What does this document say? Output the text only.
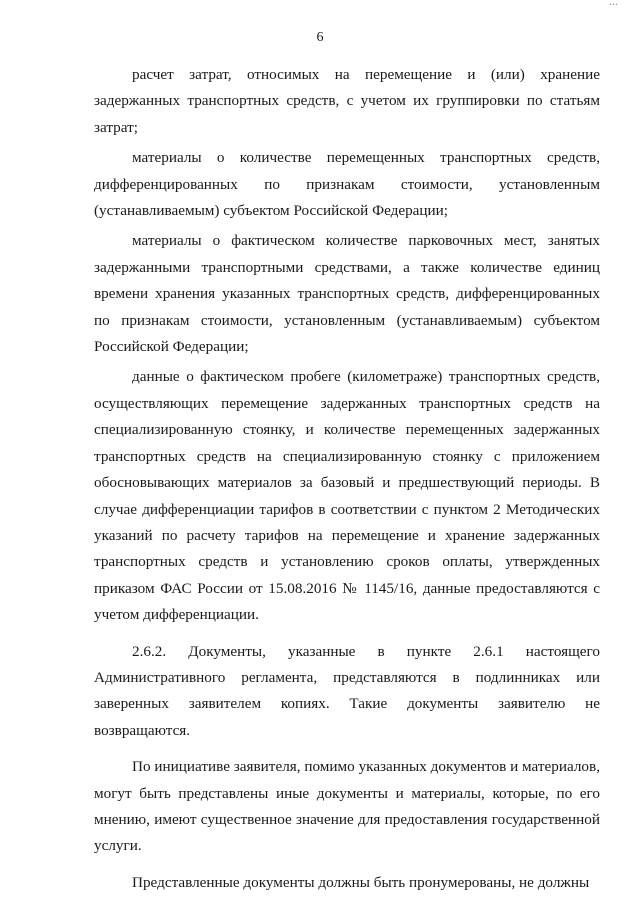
...
6

расчет затрат, относимых на перемещение и (или) хранение задержанных транспортных средств, с учетом их группировки по статьям затрат;

материалы о количестве перемещенных транспортных средств, дифференцированных по признакам стоимости, установленным (устанавливаемым) субъектом Российской Федерации;

материалы о фактическом количестве парковочных мест, занятых задержанными транспортными средствами, а также количестве единиц времени хранения указанных транспортных средств, дифференцированных по признакам стоимости, установленным (устанавливаемым) субъектом Российской Федерации;

данные о фактическом пробеге (километраже) транспортных средств, осуществляющих перемещение задержанных транспортных средств на специализированную стоянку, и количестве перемещенных задержанных транспортных средств на специализированную стоянку с приложением обосновывающих материалов за базовый и предшествующий периоды. В случае дифференциации тарифов в соответствии с пунктом 2 Методических указаний по расчету тарифов на перемещение и хранение задержанных транспортных средств и установлению сроков оплаты, утвержденных приказом ФАС России от 15.08.2016 № 1145/16, данные предоставляются с учетом дифференциации.

2.6.2. Документы, указанные в пункте 2.6.1 настоящего Административного регламента, представляются в подлинниках или заверенных заявителем копиях. Такие документы заявителю не возвращаются.

По инициативе заявителя, помимо указанных документов и материалов, могут быть представлены иные документы и материалы, которые, по его мнению, имеют существенное значение для предоставления государственной услуги.

Представленные документы должны быть пронумерованы, не должны
